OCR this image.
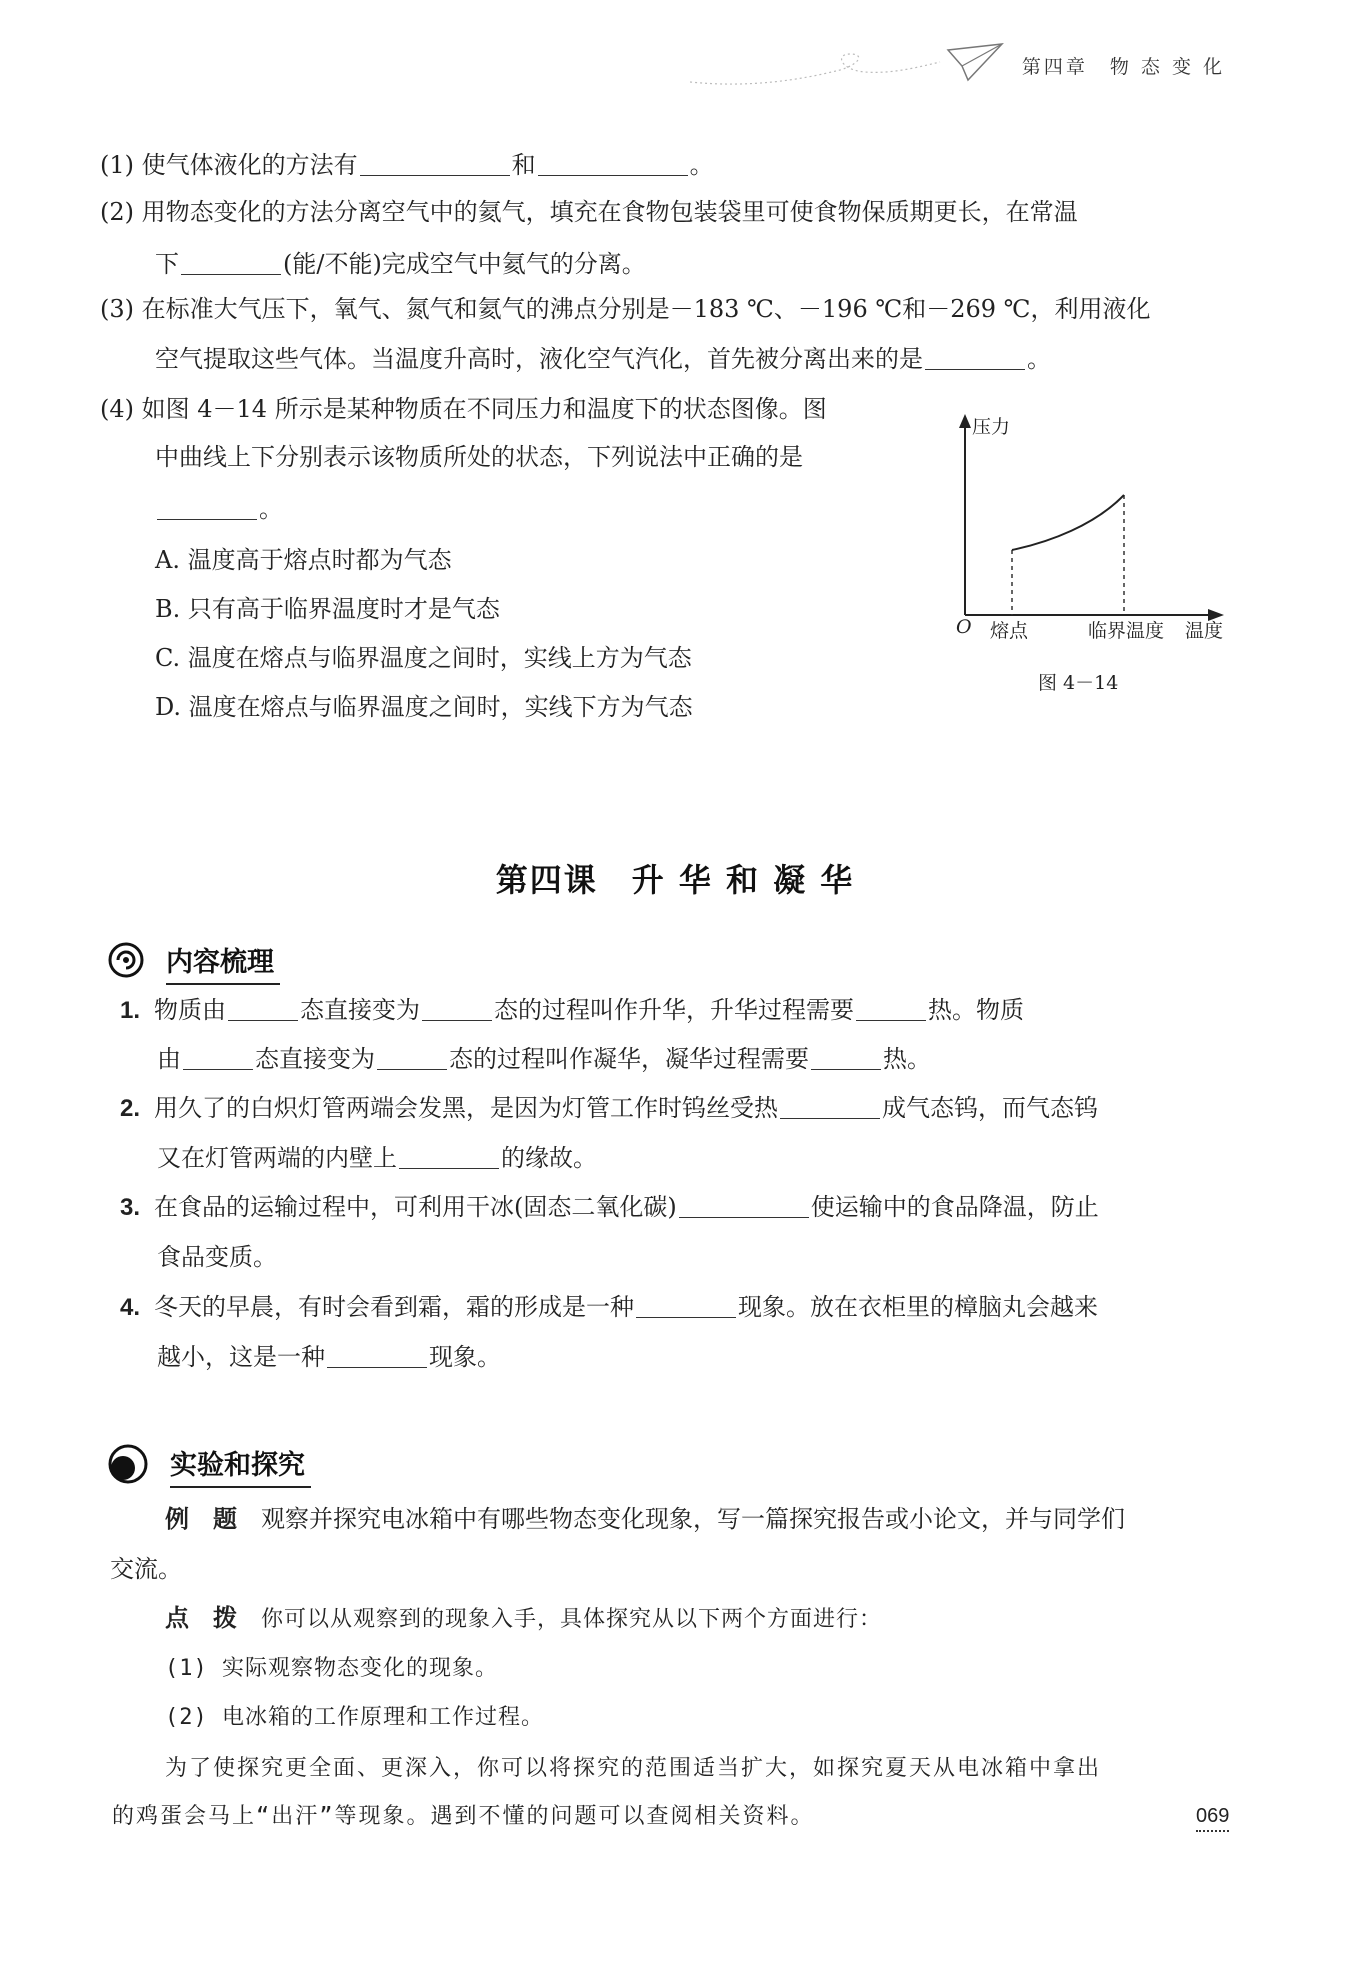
第四章　物 态 变 化
(1) 使气体液化的方法有	和	。
(2) 用物态变化的方法分离空气中的氦气，填充在食物包装袋里可使食物保质期更长，在常温
下	(能/不能)完成空气中氦气的分离。
(3) 在标准大气压下，氧气、氮气和氦气的沸点分别是－183 ℃、－196 ℃和－269 ℃，利用液化
空气提取这些气体。当温度升高时，液化空气汽化，首先被分离出来的是	。
(4) 如图 4－14 所示是某种物质在不同压力和温度下的状态图像。图
中曲线上下分别表示该物质所处的状态，下列说法中正确的是
。
A. 温度高于熔点时都为气态
B. 只有高于临界温度时才是气态
C. 温度在熔点与临界温度之间时，实线上方为气态
D. 温度在熔点与临界温度之间时，实线下方为气态
压力
O 熔点	临界温度 温度
图 4－14
第四课　升 华 和 凝 华
内容梳理
1. 物质由	态直接变为	态的过程叫作升华，升华过程需要	热。物质
由	态直接变为	态的过程叫作凝华，凝华过程需要	热。
2. 用久了的白炽灯管两端会发黑，是因为灯管工作时钨丝受热	成气态钨，而气态钨
又在灯管两端的内壁上	的缘故。
3. 在食品的运输过程中，可利用干冰(固态二氧化碳)	使运输中的食品降温，防止
食品变质。
4. 冬天的早晨，有时会看到霜，霜的形成是一种	现象。放在衣柜里的樟脑丸会越来
越小，这是一种	现象。
实验和探究
例　题 观察并探究电冰箱中有哪些物态变化现象，写一篇探究报告或小论文，并与同学们
交流。
点　拨 你可以从观察到的现象入手，具体探究从以下两个方面进行：
(1) 实际观察物态变化的现象。
(2) 电冰箱的工作原理和工作过程。
为了使探究更全面、更深入，你可以将探究的范围适当扩大，如探究夏天从电冰箱中拿出
的鸡蛋会马上“出汗”等现象。遇到不懂的问题可以查阅相关资料。	069
